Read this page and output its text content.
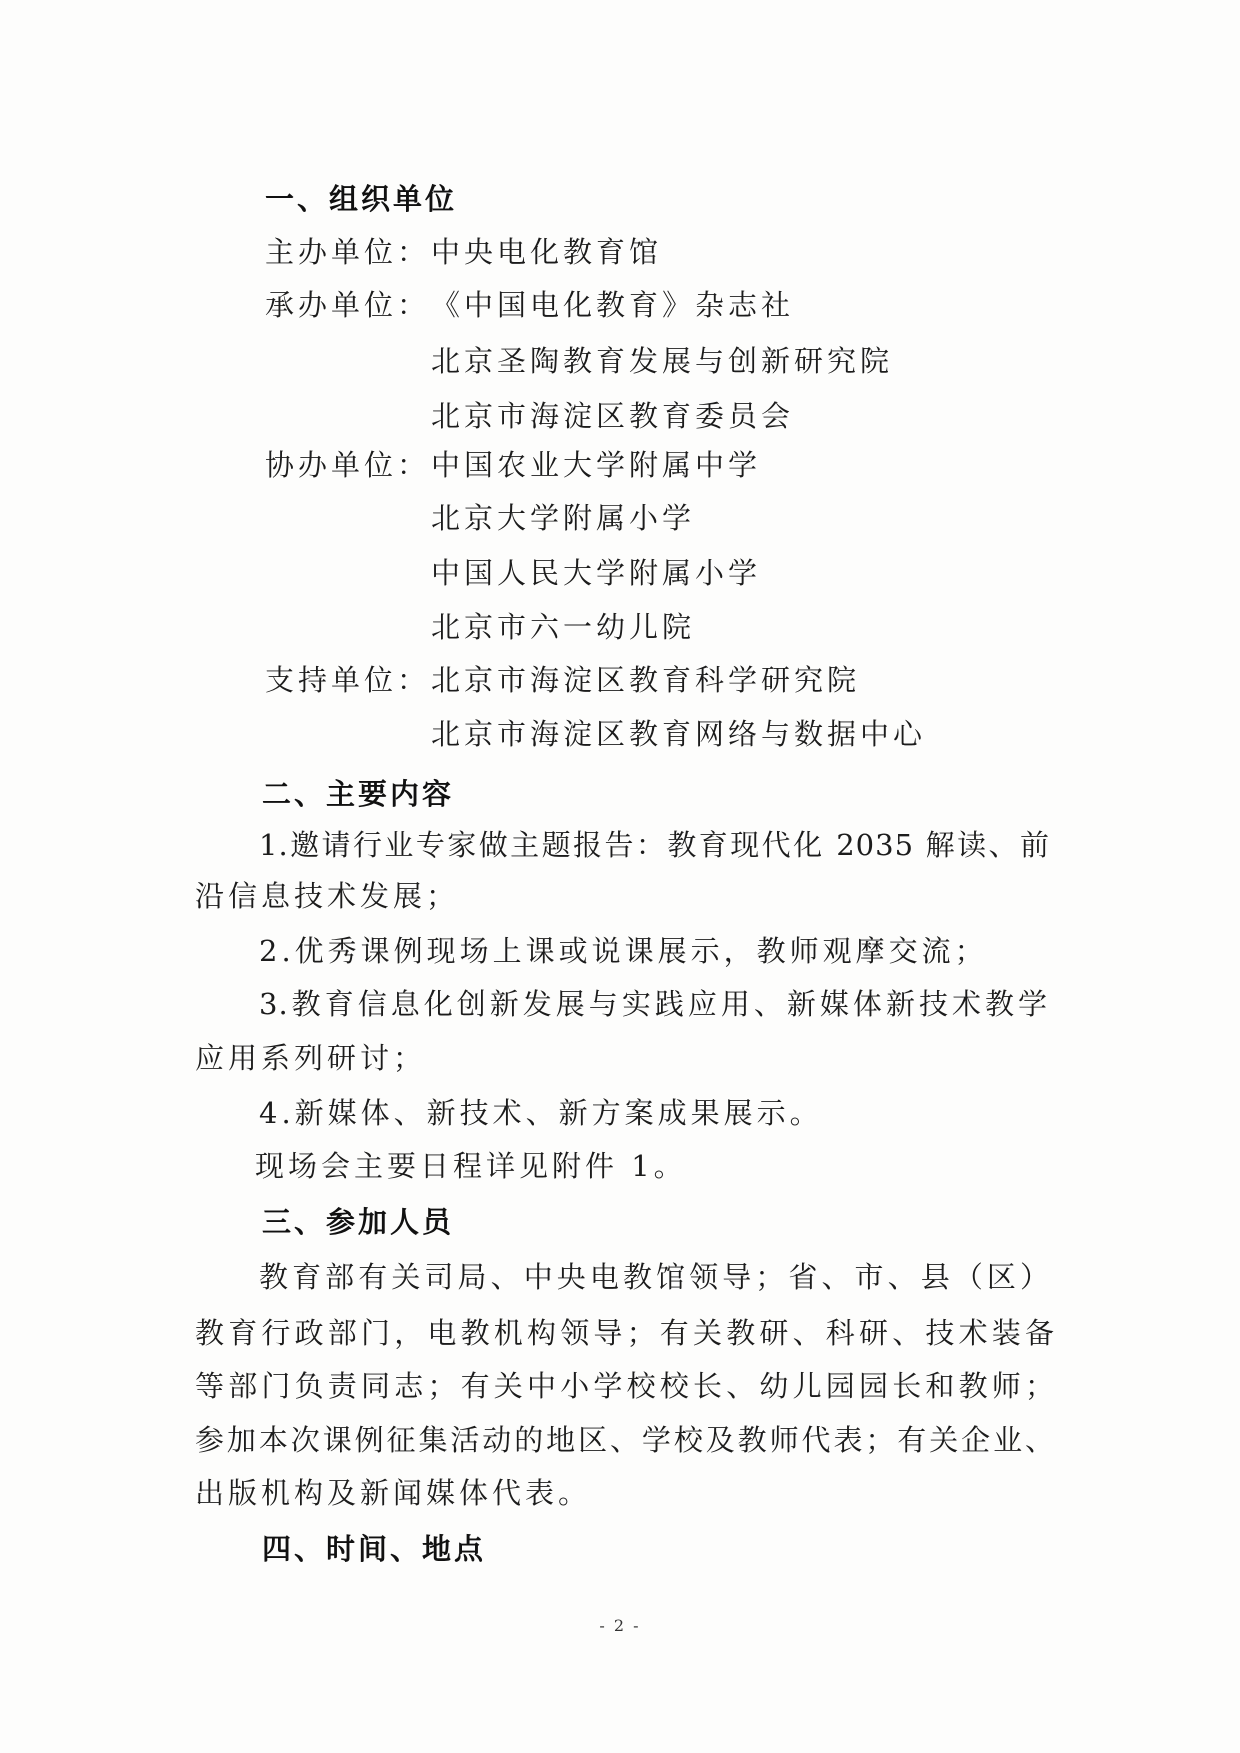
一、组织单位
主办单位： 中央电化教育馆
承办单位： 《中国电化教育》杂志社
北京圣陶教育发展与创新研究院
北京市海淀区教育委员会
协办单位： 中国农业大学附属中学
北京大学附属小学
中国人民大学附属小学
北京市六一幼儿院
支持单位： 北京市海淀区教育科学研究院
北京市海淀区教育网络与数据中心
二、主要内容
1.邀请行业专家做主题报告：教育现代化 2035 解读、前
沿信息技术发展；
2.优秀课例现场上课或说课展示，教师观摩交流；
3.教育信息化创新发展与实践应用、新媒体新技术教学
应用系列研讨；
4.新媒体、新技术、新方案成果展示。
现场会主要日程详见附件 1。
三、参加人员
教育部有关司局、中央电教馆领导；省、市、县（区）
教育行政部门，电教机构领导；有关教研、科研、技术装备
等部门负责同志；有关中小学校校长、幼儿园园长和教师；
参加本次课例征集活动的地区、学校及教师代表；有关企业、
出版机构及新闻媒体代表。
四、时间、地点
- 2 -
